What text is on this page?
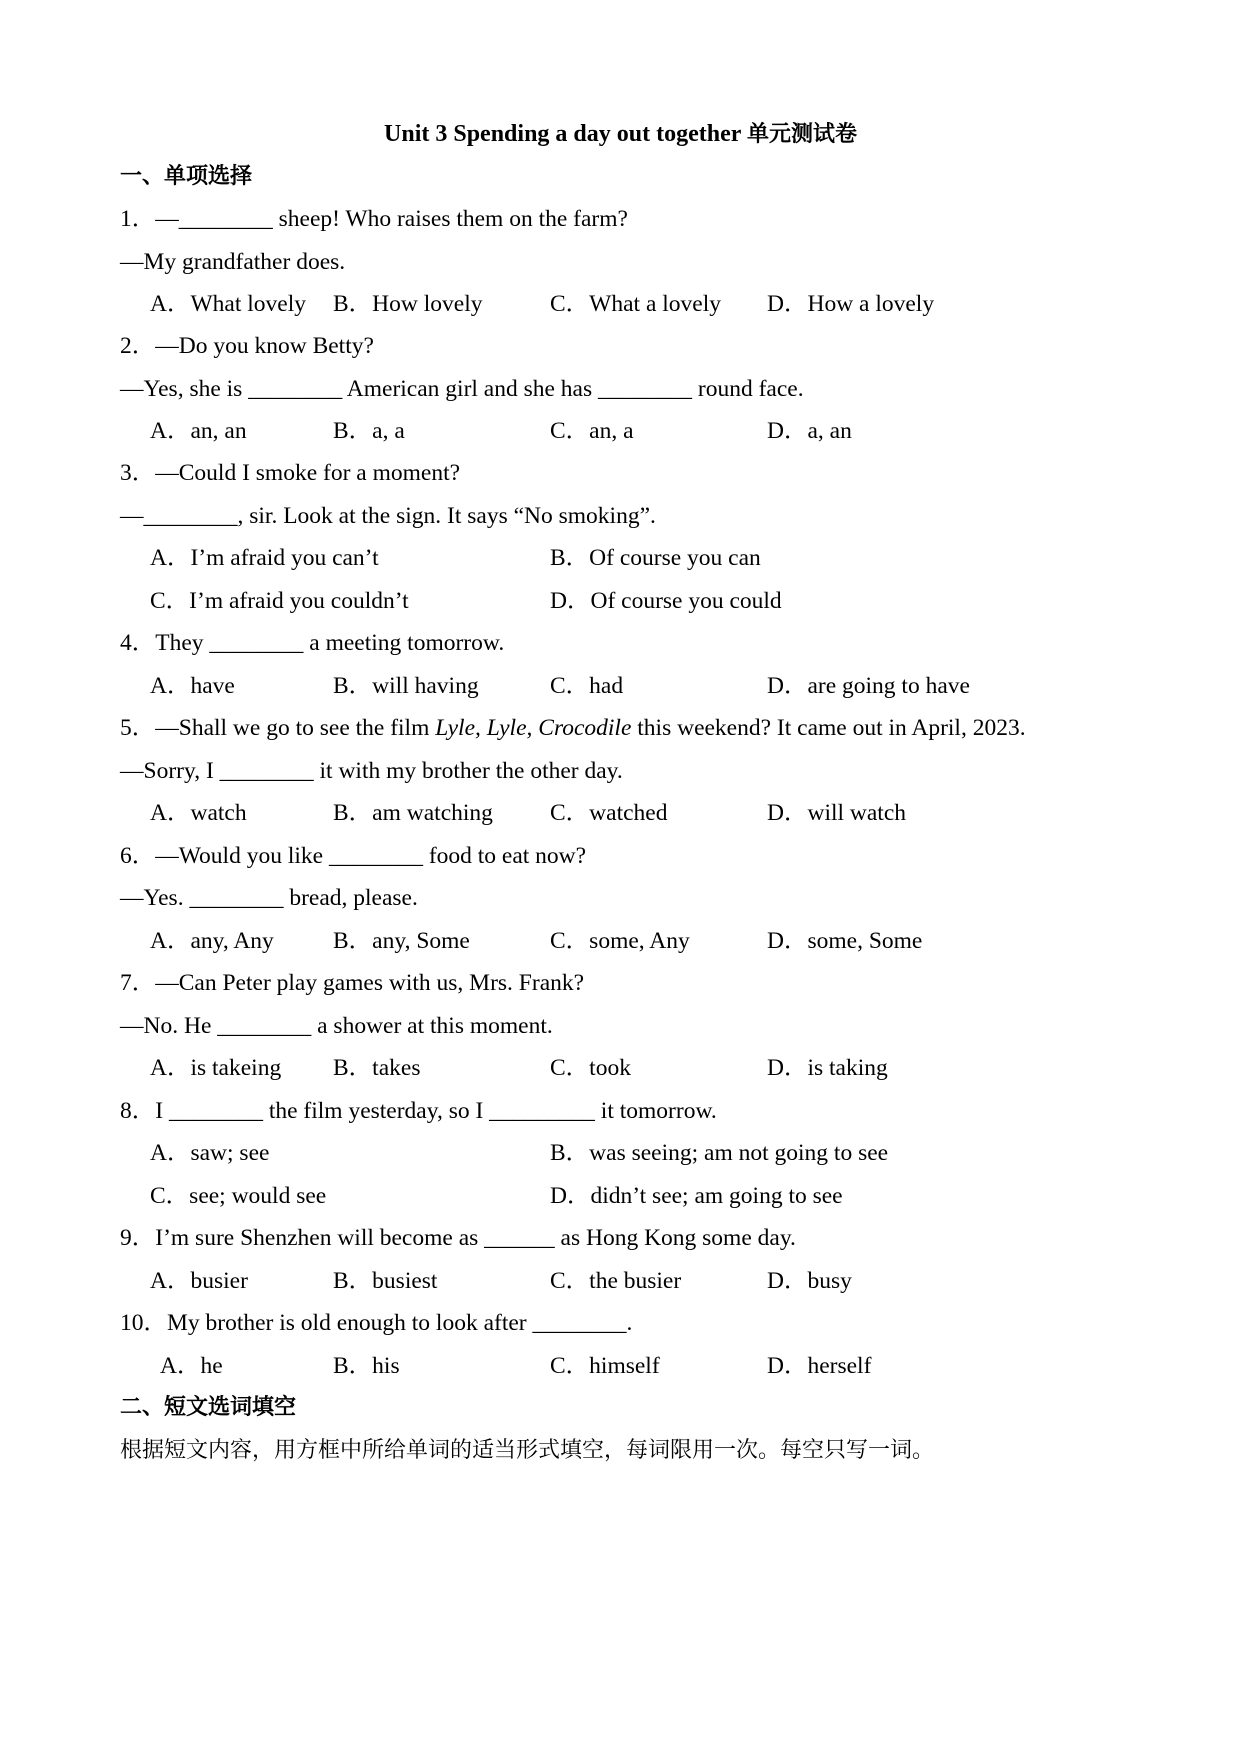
Unit 3 Spending a day out together 单元测试卷
一、单项选择
1．—________ sheep! Who raises them on the farm?
—My grandfather does.
A．What lovely B．How lovely	C．What a lovely D．How a lovely
2．—Do you know Betty?
—Yes, she is ________ American girl and she has ________ round face.
A．an, an	B．a, a	C．an, a	D．a, an
3．—Could I smoke for a moment?
—________, sir. Look at the sign. It says “No smoking”.
A．I’m afraid you can’t	B．Of course you can
C．I’m afraid you couldn’t	D．Of course you could
4．They ________ a meeting tomorrow.
A．have	B．will having	C．had	D．are going to have
5．—Shall we go to see the film Lyle, Lyle, Crocodile this weekend? It came out in April, 2023.
—Sorry, I ________ it with my brother the other day.
A．watch	B．am watching C．watched	D．will watch
6．—Would you like ________ food to eat now?
—Yes. ________ bread, please.
A．any, Any	B．any, Some	C．some, Any	D．some, Some
7．—Can Peter play games with us, Mrs. Frank?
—No. He ________ a shower at this moment.
A．is takeing B．takes	C．took	D．is taking
8．I ________ the film yesterday, so I _________ it tomorrow.
A．saw; see	B．was seeing; am not going to see
C．see; would see	D．didn’t see; am going to see
9．I’m sure Shenzhen will become as ______ as Hong Kong some day.
A．busier	B．busiest	C．the busier	D．busy
10．My brother is old enough to look after ________.
A．he	B．his	C．himself	D．herself
二、短文选词填空
根据短文内容，用方框中所给单词的适当形式填空，每词限用一次。每空只写一词。
